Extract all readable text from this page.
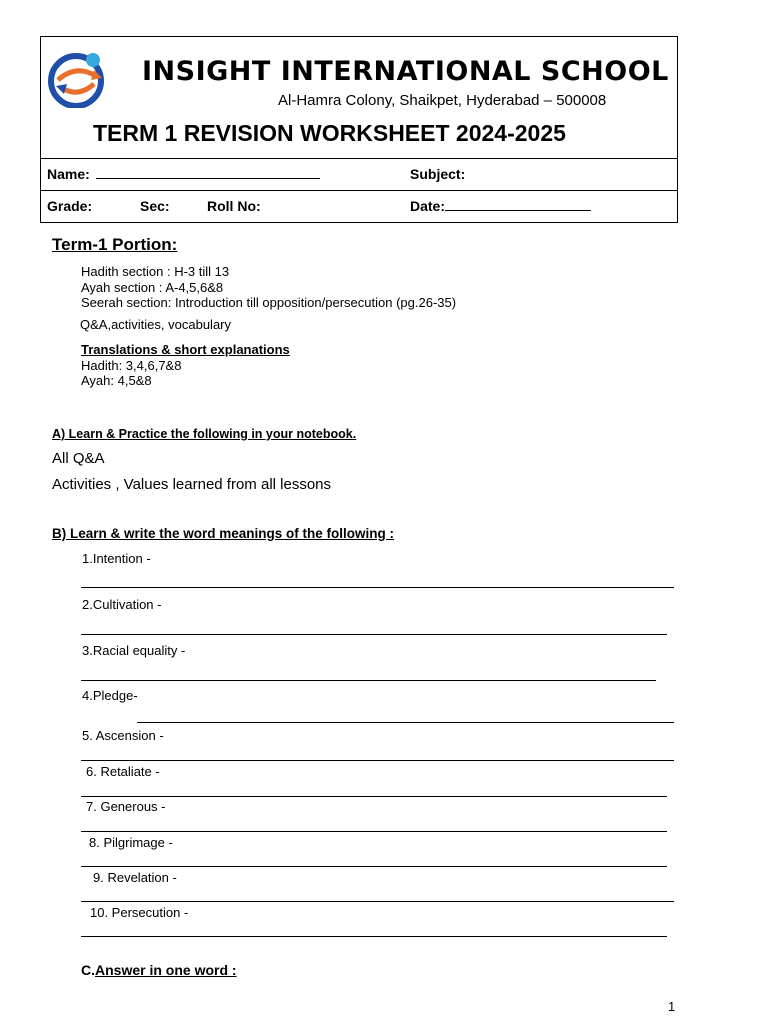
INSIGHT INTERNATIONAL SCHOOL
Al-Hamra Colony, Shaikpet, Hyderabad – 500008
TERM 1 REVISION WORKSHEET 2024-2025
Name:	Subject:
Grade:	Sec:	Roll No:	Date:
Term-1 Portion:
Hadith section : H-3 till 13
Ayah section : A-4,5,6&8
Seerah section: Introduction till opposition/persecution (pg.26-35)
Q&A,activities, vocabulary
Translations & short explanations
Hadith: 3,4,6,7&8
Ayah: 4,5&8
A) Learn & Practice the following in your notebook.
All Q&A
Activities , Values learned from all lessons
B) Learn & write the word meanings of the following :
1.Intention -
2.Cultivation -
3.Racial equality -
4.Pledge-
5. Ascension -
6. Retaliate -
7. Generous -
8. Pilgrimage -
9. Revelation -
10. Persecution -
C.Answer in one word :
1
